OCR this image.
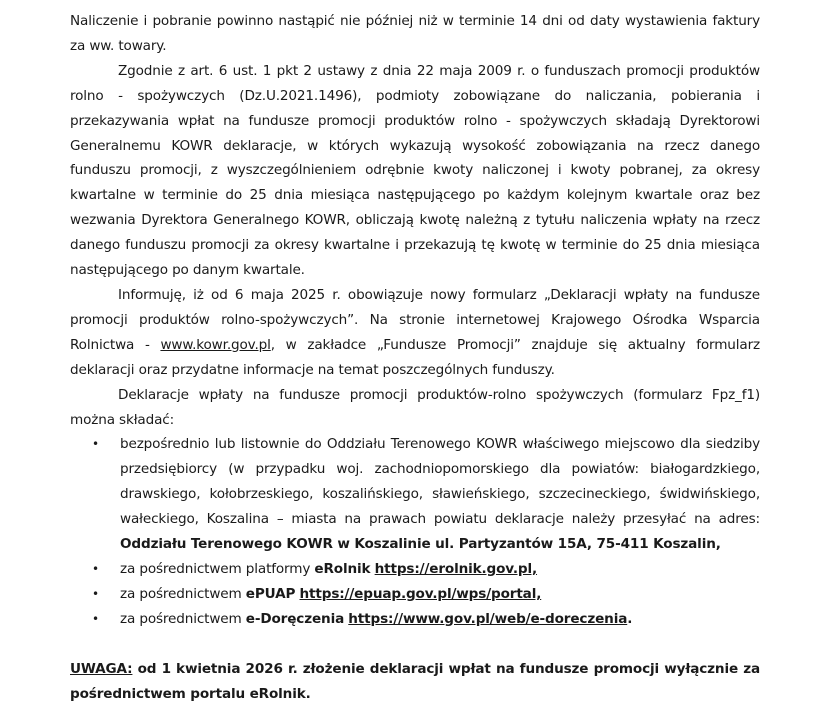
Naliczenie i pobranie powinno nastąpić nie później niż w terminie 14 dni od daty wystawienia faktury za ww. towary.

Zgodnie z art. 6 ust. 1 pkt 2 ustawy z dnia 22 maja 2009 r. o funduszach promocji produktów rolno - spożywczych (Dz.U.2021.1496), podmioty zobowiązane do naliczania, pobierania i przekazywania wpłat na fundusze promocji produktów rolno - spożywczych składają Dyrektorowi Generalnemu KOWR deklaracje, w których wykazują wysokość zobowiązania na rzecz danego funduszu promocji, z wyszczególnieniem odrębnie kwoty naliczonej i kwoty pobranej, za okresy kwartalne w terminie do 25 dnia miesiąca następującego po każdym kolejnym kwartale oraz bez wezwania Dyrektora Generalnego KOWR, obliczają kwotę należną z tytułu naliczenia wpłaty na rzecz danego funduszu promocji za okresy kwartalne i przekazują tę kwotę w terminie do 25 dnia miesiąca następującego po danym kwartale.

Informuję, iż od 6 maja 2025 r. obowiązuje nowy formularz „Deklaracji wpłaty na fundusze promocji produktów rolno-spożywczych”. Na stronie internetowej Krajowego Ośrodka Wsparcia Rolnictwa - www.kowr.gov.pl, w zakładce „Fundusze Promocji” znajduje się aktualny formularz deklaracji oraz przydatne informacje na temat poszczególnych funduszy.

Deklaracje wpłaty na fundusze promocji produktów-rolno spożywczych (formularz Fpz_f1) można składać:

• bezpośrednio lub listownie do Oddziału Terenowego KOWR właściwego miejscowo dla siedziby przedsiębiorcy (w przypadku woj. zachodniopomorskiego dla powiatów: białogardzkiego, drawskiego, kołobrzeskiego, koszalińskiego, sławieńskiego, szczecineckiego, świdwińskiego, wałeckiego, Koszalina – miasta na prawach powiatu deklaracje należy przesyłać na adres: Oddziału Terenowego KOWR w Koszalinie ul. Partyzantów 15A, 75-411 Koszalin,
• za pośrednictwem platformy eRolnik https://erolnik.gov.pl,
• za pośrednictwem ePUAP https://epuap.gov.pl/wps/portal,
• za pośrednictwem e-Doręczenia https://www.gov.pl/web/e-doreczenia.

UWAGA: od 1 kwietnia 2026 r. złożenie deklaracji wpłat na fundusze promocji wyłącznie za pośrednictwem portalu eRolnik.
